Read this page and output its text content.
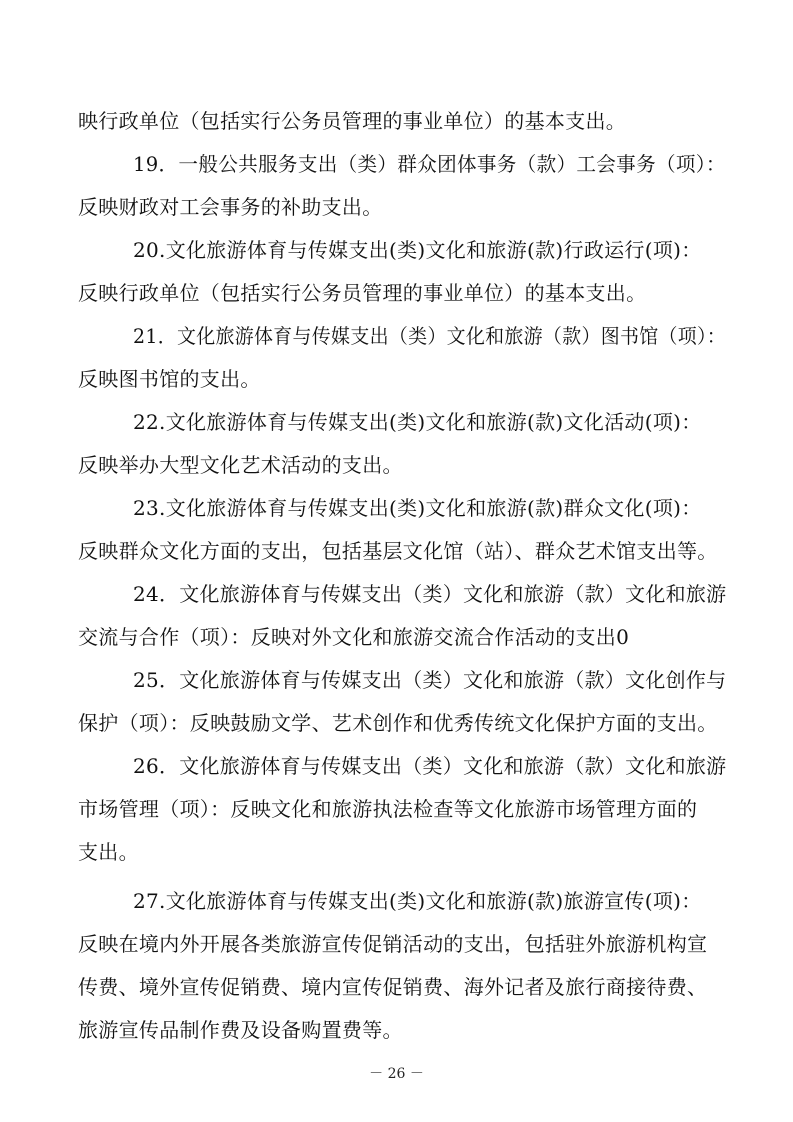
映行政单位（包括实行公务员管理的事业单位）的基本支出。
19．一般公共服务支出（类）群众团体事务（款）工会事务（项）：
反映财政对工会事务的补助支出。
20.文化旅游体育与传媒支出(类)文化和旅游(款)行政运行(项)：
反映行政单位（包括实行公务员管理的事业单位）的基本支出。
21．文化旅游体育与传媒支出（类）文化和旅游（款）图书馆（项）：
反映图书馆的支出。
22.文化旅游体育与传媒支出(类)文化和旅游(款)文化活动(项)：
反映举办大型文化艺术活动的支出。
23.文化旅游体育与传媒支出(类)文化和旅游(款)群众文化(项)：
反映群众文化方面的支出，包括基层文化馆（站）、群众艺术馆支出等。
24．文化旅游体育与传媒支出（类）文化和旅游（款）文化和旅游
交流与合作（项）：反映对外文化和旅游交流合作活动的支出0
25．文化旅游体育与传媒支出（类）文化和旅游（款）文化创作与
保护（项）：反映鼓励文学、艺术创作和优秀传统文化保护方面的支出。
26．文化旅游体育与传媒支出（类）文化和旅游（款）文化和旅游
市场管理（项）：反映文化和旅游执法检查等文化旅游市场管理方面的
支出。
27.文化旅游体育与传媒支出(类)文化和旅游(款)旅游宣传(项)：
反映在境内外开展各类旅游宣传促销活动的支出，包括驻外旅游机构宣
传费、境外宣传促销费、境内宣传促销费、海外记者及旅行商接待费、
旅游宣传品制作费及设备购置费等。
－ 26 －
